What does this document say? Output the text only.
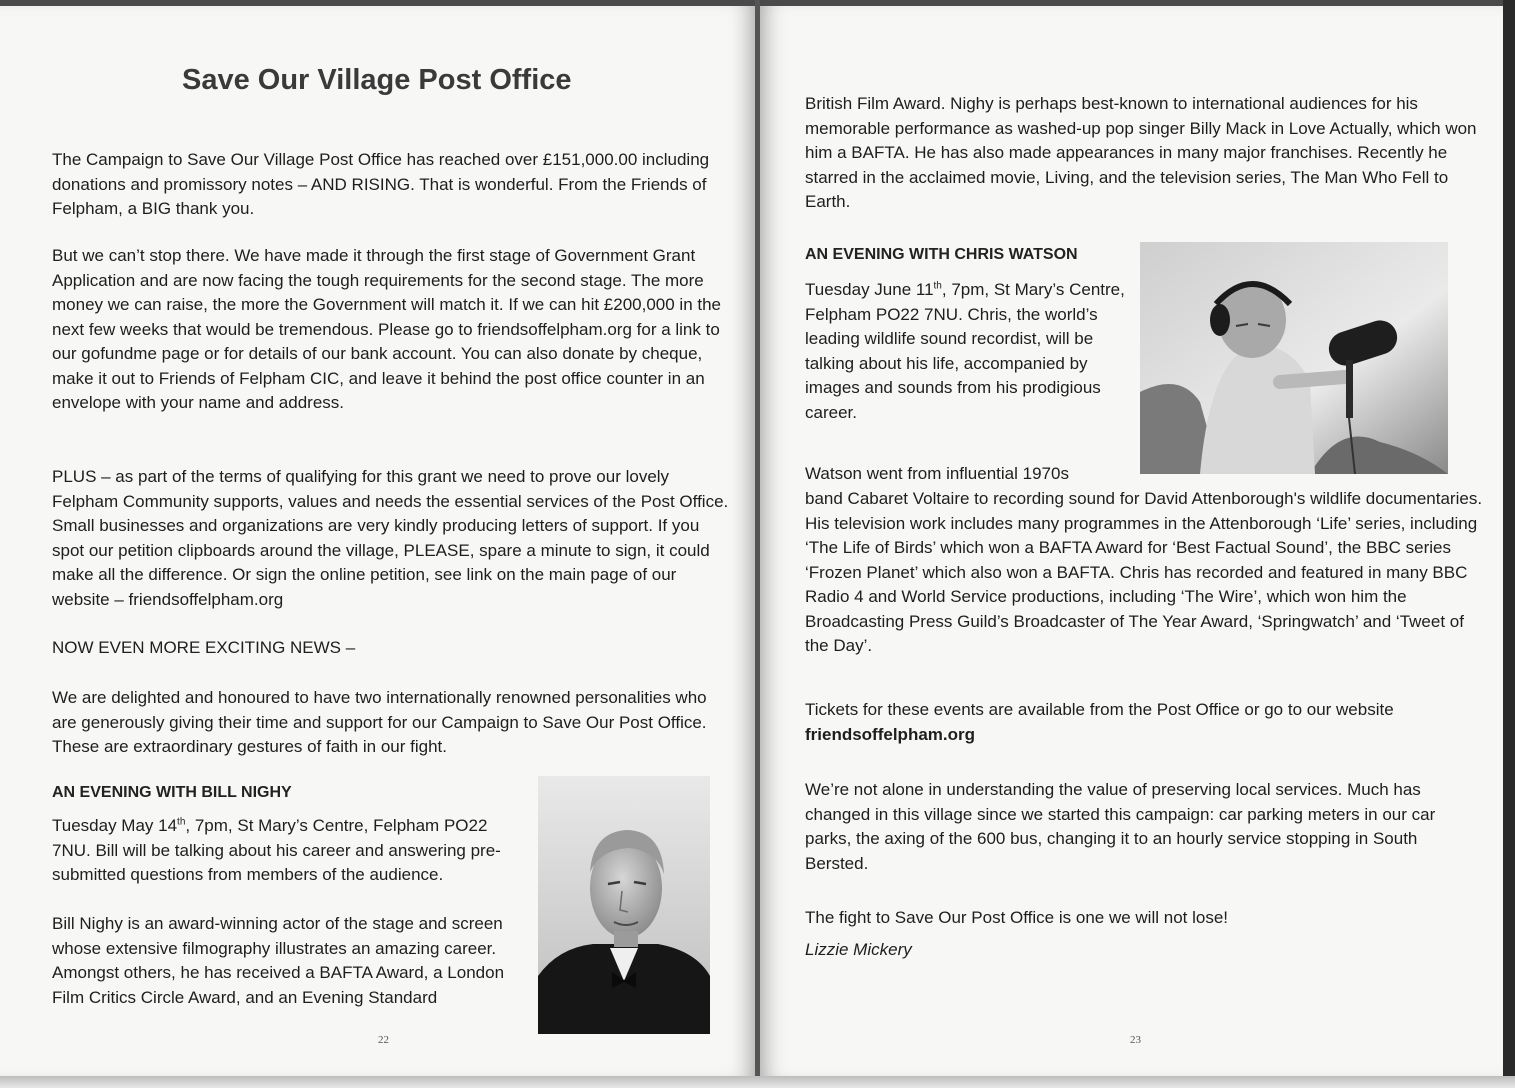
Save Our Village Post Office

The Campaign to Save Our Village Post Office has reached over £151,000.00 including donations and promissory notes – AND RISING. That is wonderful. From the Friends of Felpham, a BIG thank you.

But we can’t stop there. We have made it through the first stage of Government Grant Application and are now facing the tough requirements for the second stage. The more money we can raise, the more the Government will match it. If we can hit £200,000 in the next few weeks that would be tremendous. Please go to friendsoffelpham.org for a link to our gofundme page or for details of our bank account. You can also donate by cheque, make it out to Friends of Felpham CIC, and leave it behind the post office counter in an envelope with your name and address.

PLUS – as part of the terms of qualifying for this grant we need to prove our lovely Felpham Community supports, values and needs the essential services of the Post Office. Small businesses and organizations are very kindly producing letters of support. If you spot our petition clipboards around the village, PLEASE, spare a minute to sign, it could make all the difference. Or sign the online petition, see link on the main page of our website – friendsoffelpham.org

NOW EVEN MORE EXCITING NEWS –

We are delighted and honoured to have two internationally renowned personalities who are generously giving their time and support for our Campaign to Save Our Post Office. These are extraordinary gestures of faith in our fight.

AN EVENING WITH BILL NIGHY

Tuesday May 14th, 7pm, St Mary’s Centre, Felpham PO22 7NU. Bill will be talking about his career and answering pre-submitted questions from members of the audience.

Bill Nighy is an award-winning actor of the stage and screen whose extensive filmography illustrates an amazing career. Amongst others, he has received a BAFTA Award, a London Film Critics Circle Award, and an Evening Standard

22

British Film Award. Nighy is perhaps best-known to international audiences for his memorable performance as washed-up pop singer Billy Mack in Love Actually, which won him a BAFTA. He has also made appearances in many major franchises. Recently he starred in the acclaimed movie, Living, and the television series, The Man Who Fell to Earth.

AN EVENING WITH CHRIS WATSON

Tuesday June 11th, 7pm, St Mary’s Centre, Felpham PO22 7NU. Chris, the world’s leading wildlife sound recordist, will be talking about his life, accompanied by images and sounds from his prodigious career.

Watson went from influential 1970s

band Cabaret Voltaire to recording sound for David Attenborough's wildlife documentaries. His television work includes many programmes in the Attenborough ‘Life’ series, including ‘The Life of Birds’ which won a BAFTA Award for ‘Best Factual Sound’, the BBC series ‘Frozen Planet’ which also won a BAFTA. Chris has recorded and featured in many BBC Radio 4 and World Service productions, including ‘The Wire’, which won him the Broadcasting Press Guild’s Broadcaster of The Year Award, ‘Springwatch’ and ‘Tweet of the Day’.

Tickets for these events are available from the Post Office or go to our website
friendsoffelpham.org

We’re not alone in understanding the value of preserving local services. Much has changed in this village since we started this campaign: car parking meters in our car parks, the axing of the 600 bus, changing it to an hourly service stopping in South Bersted.

The fight to Save Our Post Office is one we will not lose!

Lizzie Mickery

23
